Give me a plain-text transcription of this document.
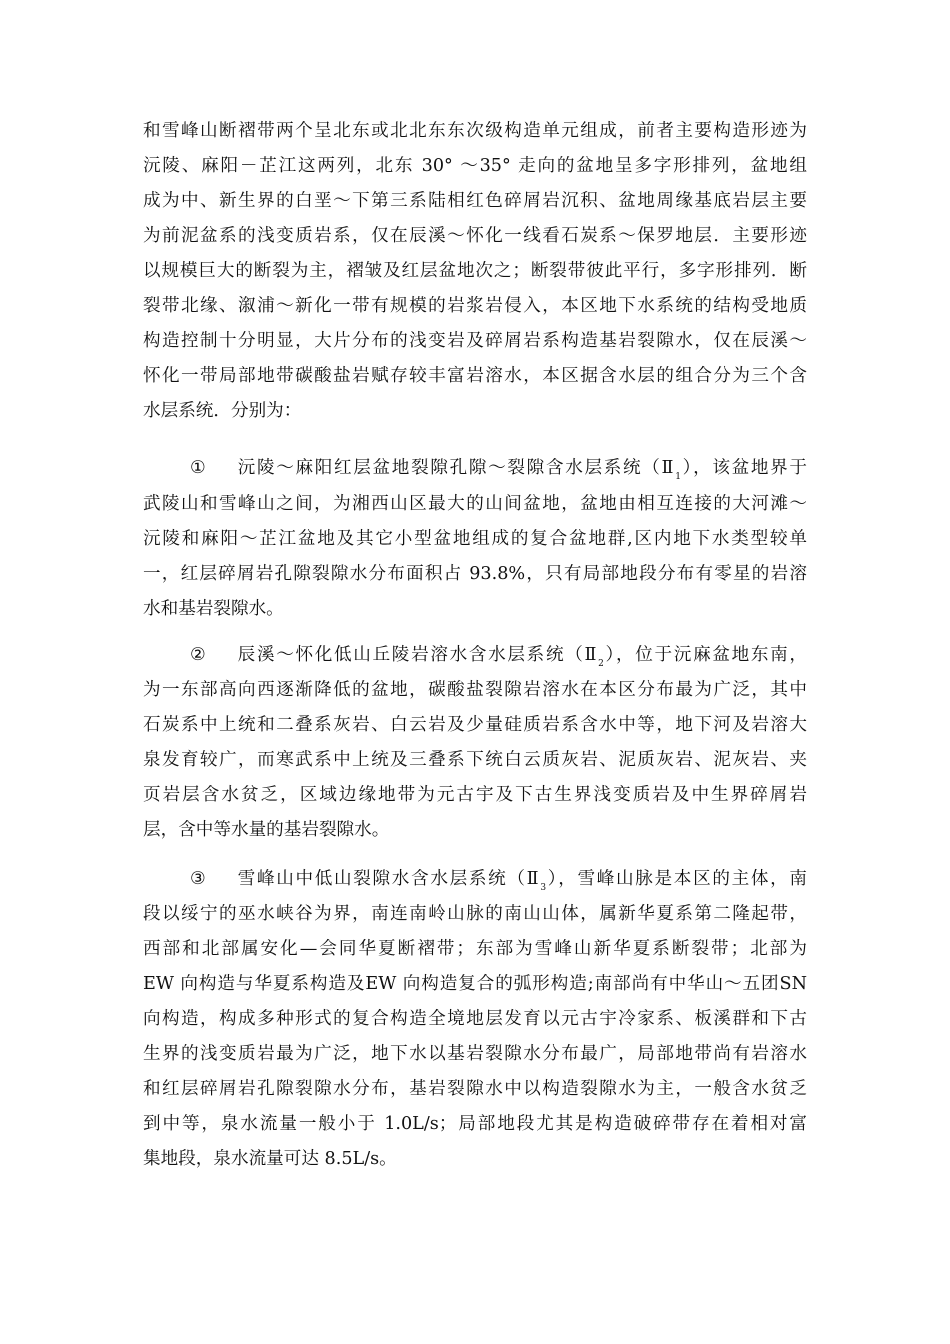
和雪峰山断褶带两个呈北东或北北东东次级构造单元组成，前者主要构造形迹为
沅陵、麻阳－芷江这两列，北东 30° ～35° 走向的盆地呈多字形排列，盆地组
成为中、新生界的白垩～下第三系陆相红色碎屑岩沉积、盆地周缘基底岩层主要
为前泥盆系的浅变质岩系，仅在辰溪～怀化一线看石炭系～保罗地层．主要形迹
以规模巨大的断裂为主，褶皱及红层盆地次之；断裂带彼此平行，多字形排列．断
裂带北缘、溆浦～新化一带有规模的岩浆岩侵入，本区地下水系统的结构受地质
构造控制十分明显，大片分布的浅变岩及碎屑岩系构造基岩裂隙水，仅在辰溪～
怀化一带局部地带碳酸盐岩赋存较丰富岩溶水，本区据含水层的组合分为三个含
水层系统．分别为：
① 沅陵～麻阳红层盆地裂隙孔隙～裂隙含水层系统$(Ⅱ_1)$，该盆地界于
武陵山和雪峰山之间，为湘西山区最大的山间盆地，盆地由相互连接的大河滩～
沅陵和麻阳～芷江盆地及其它小型盆地组成的复合盆地群,区内地下水类型较单
一，红层碎屑岩孔隙裂隙水分布面积占 93.8%，只有局部地段分布有零星的岩溶
水和基岩裂隙水。
② 辰溪～怀化低山丘陵岩溶水含水层系统$(Ⅱ_2)$，位于沅麻盆地东南，
为一东部高向西逐渐降低的盆地，碳酸盐裂隙岩溶水在本区分布最为广泛，其中
石炭系中上统和二叠系灰岩、白云岩及少量硅质岩系含水中等，地下河及岩溶大
泉发育较广，而寒武系中上统及三叠系下统白云质灰岩、泥质灰岩、泥灰岩、夹
页岩层含水贫乏，区域边缘地带为元古宇及下古生界浅变质岩及中生界碎屑岩
层，含中等水量的基岩裂隙水。
③ 雪峰山中低山裂隙水含水层系统$(Ⅱ_3)$，雪峰山脉是本区的主体，南
段以绥宁的巫水峡谷为界，南连南岭山脉的南山山体，属新华夏系第二隆起带，
西部和北部属安化—会同华夏断褶带；东部为雪峰山新华夏系断裂带；北部为
EW 向构造与华夏系构造及EW 向构造复合的弧形构造;南部尚有中华山～五团SN
向构造，构成多种形式的复合构造全境地层发育以元古宇冷家系、板溪群和下古
生界的浅变质岩最为广泛，地下水以基岩裂隙水分布最广，局部地带尚有岩溶水
和红层碎屑岩孔隙裂隙水分布，基岩裂隙水中以构造裂隙水为主，一般含水贫乏
到中等，泉水流量一般小于 1.0L/s；局部地段尤其是构造破碎带存在着相对富
集地段，泉水流量可达 8.5L/s。
